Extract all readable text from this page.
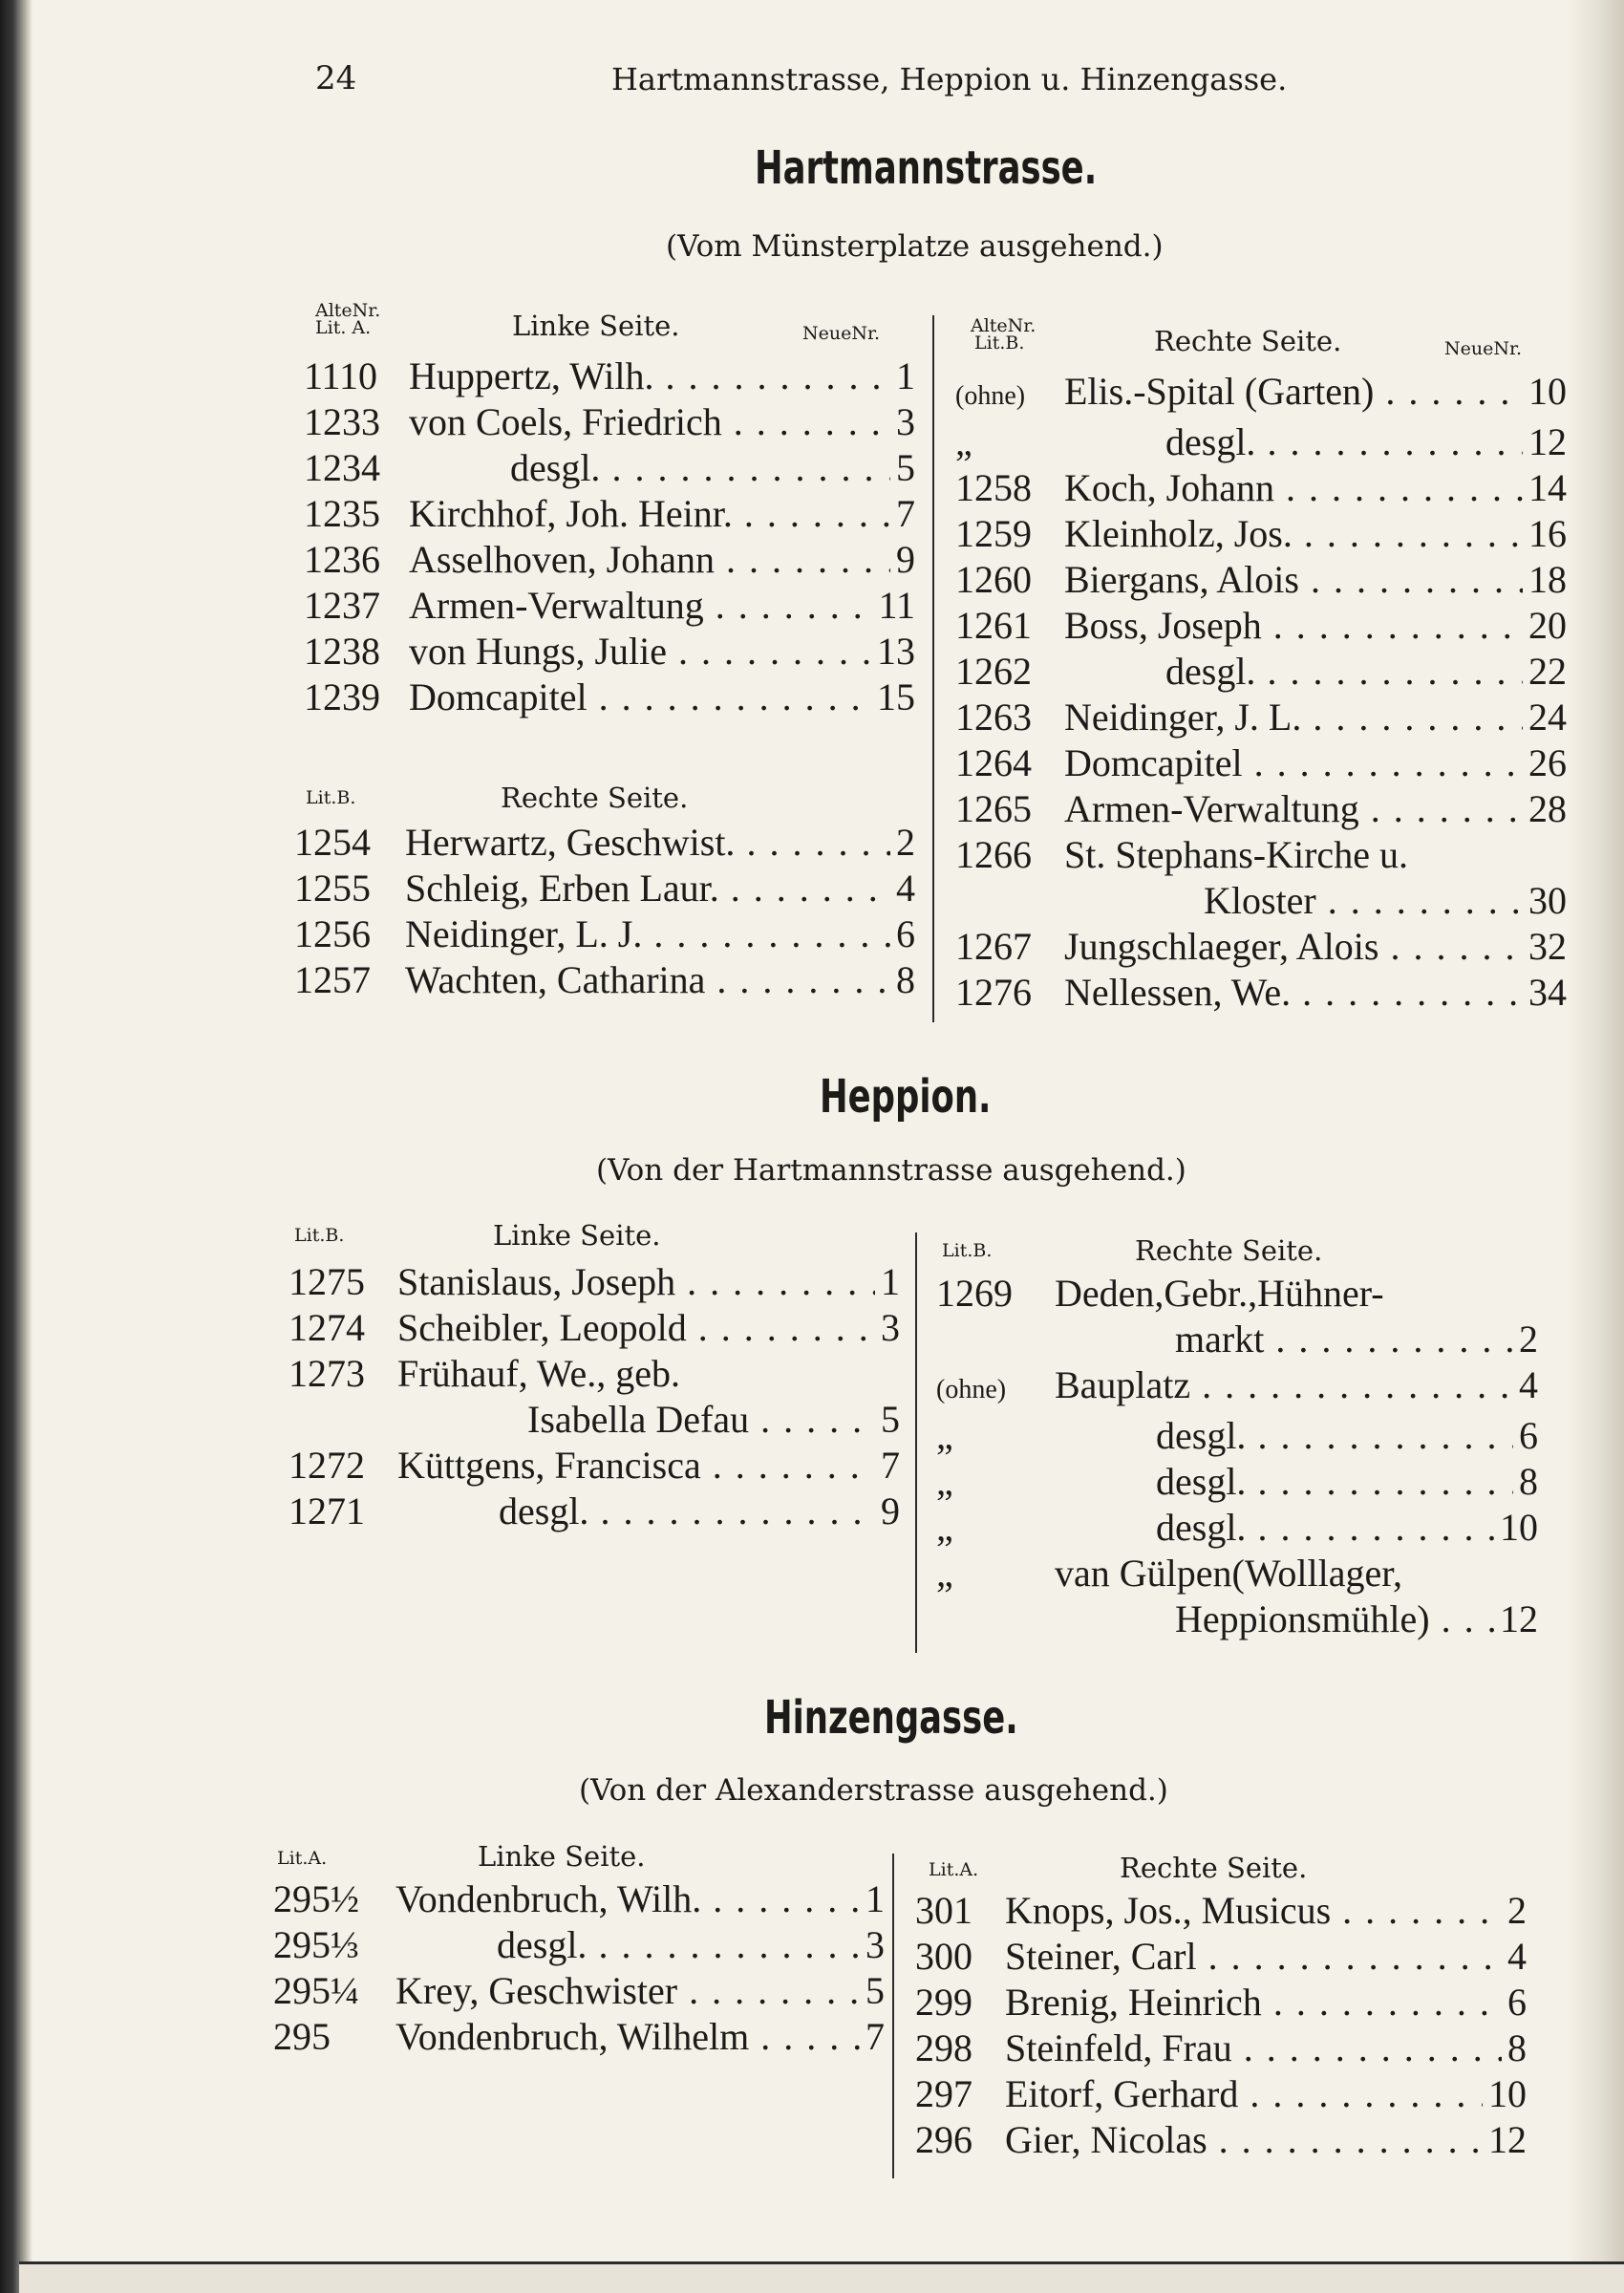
24	Hartmannstrasse, Heppion u. Hinzengasse.
Hartmannstrasse.
(Vom Münsterplatze ausgehend.)
AlteNr.
Lit. A.	Linke Seite.	NeueNr.
1110 Huppertz, Wilh. . . .	1
1233 von Coels, Friedrich . . .	3
1234	desgl. . . .	5
1235 Kirchhof, Joh. Heinr. . . .	7
1236 Asselhoven, Johann . . .	9
1237 Armen-Verwaltung . . .	11
1238 von Hungs, Julie . . .	13
1239 Domcapitel . . .	15
Lit.B.	Rechte Seite.
1254 Herwartz, Geschwist. . . .	2
1255 Schleig, Erben Laur. . . .	4
1256 Neidinger, L. J. . . .	6
1257 Wachten, Catharina . . .	8
AlteNr.
Lit.B.	Rechte Seite.	NeueNr.
(ohne)	Elis.-Spital (Garten) . . .	10
„	desgl. . . .	12
1258 Koch, Johann . . .	14
1259 Kleinholz, Jos. . . .	16
1260 Biergans, Alois . . .	18
1261 Boss, Joseph . . .	20
1262	desgl. . . .	22
1263 Neidinger, J. L. . . .	24
1264 Domcapitel . . .	26
1265 Armen-Verwaltung . . .	28
1266 St. Stephans-Kirche u.
Kloster . . .	30
1267 Jungschlaeger, Alois . . .	32
1276 Nellessen, We. . . .	34
Heppion.
(Von der Hartmannstrasse ausgehend.)
Lit.B.	Linke Seite.
1275 Stanislaus, Joseph . . .	1
1274 Scheibler, Leopold . . .	3
1273 Frühauf, We., geb.
Isabella Defau . . .	5
1272 Küttgens, Francisca . . .	7
1271	desgl. . . .	9
Lit.B.	Rechte Seite.
1269	Deden,Gebr.,Hühner-
markt . . .	2
(ohne)	Bauplatz . . .	4
„	desgl. . . .	6
„	desgl. . . .	8
„	desgl. . . .	10
„	van Gülpen(Wolllager,
Heppionsmühle) . . .	12
Hinzengasse.
(Von der Alexanderstrasse ausgehend.)
Lit.A.	Linke Seite.
295½ Vondenbruch, Wilh. . . .	1
295⅓	desgl. . . .	3
295¼ Krey, Geschwister . . .	5
295	Vondenbruch, Wilhelm . . .	7
Lit.A.	Rechte Seite.
301 Knops, Jos., Musicus . . .	2
300 Steiner, Carl . . .	4
299 Brenig, Heinrich . . .	6
298 Steinfeld, Frau . . .	8
297 Eitorf, Gerhard . . .	10
296 Gier, Nicolas . . .	12
